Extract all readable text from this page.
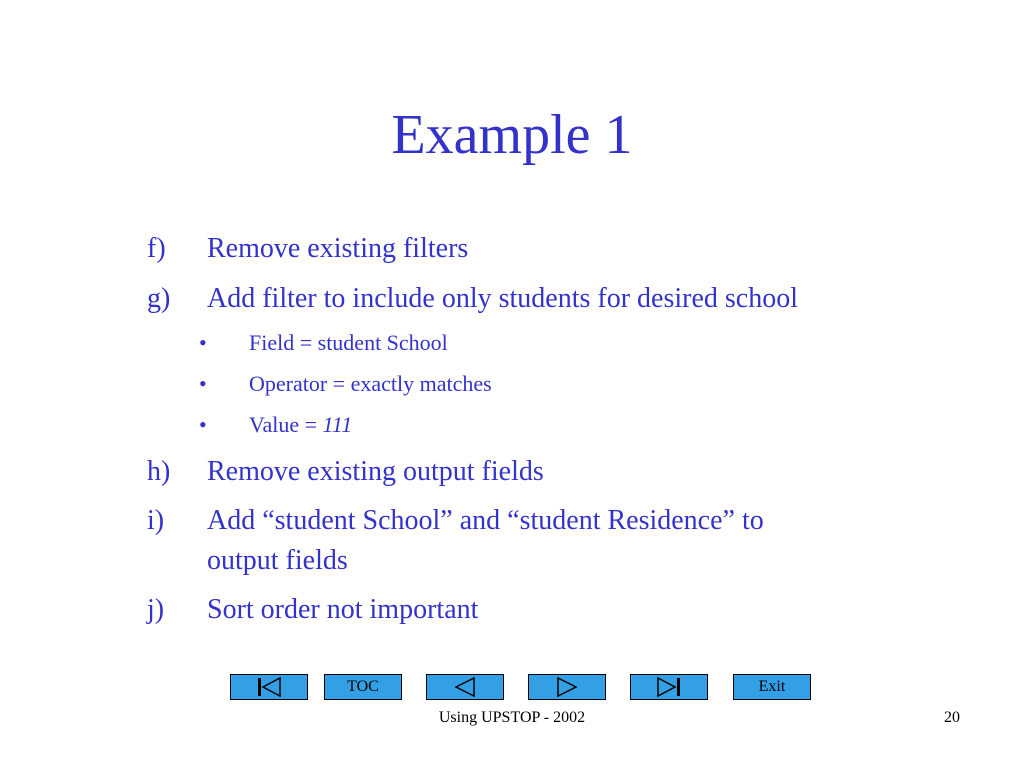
Example 1
f) Remove existing filters
g) Add filter to include only students for desired school
• Field = student School
• Operator = exactly matches
• Value = 111
h) Remove existing output fields
i) Add “student School” and “student Residence” to
output fields
j) Sort order not important
TOC	Exit
Using UPSTOP - 2002	20
